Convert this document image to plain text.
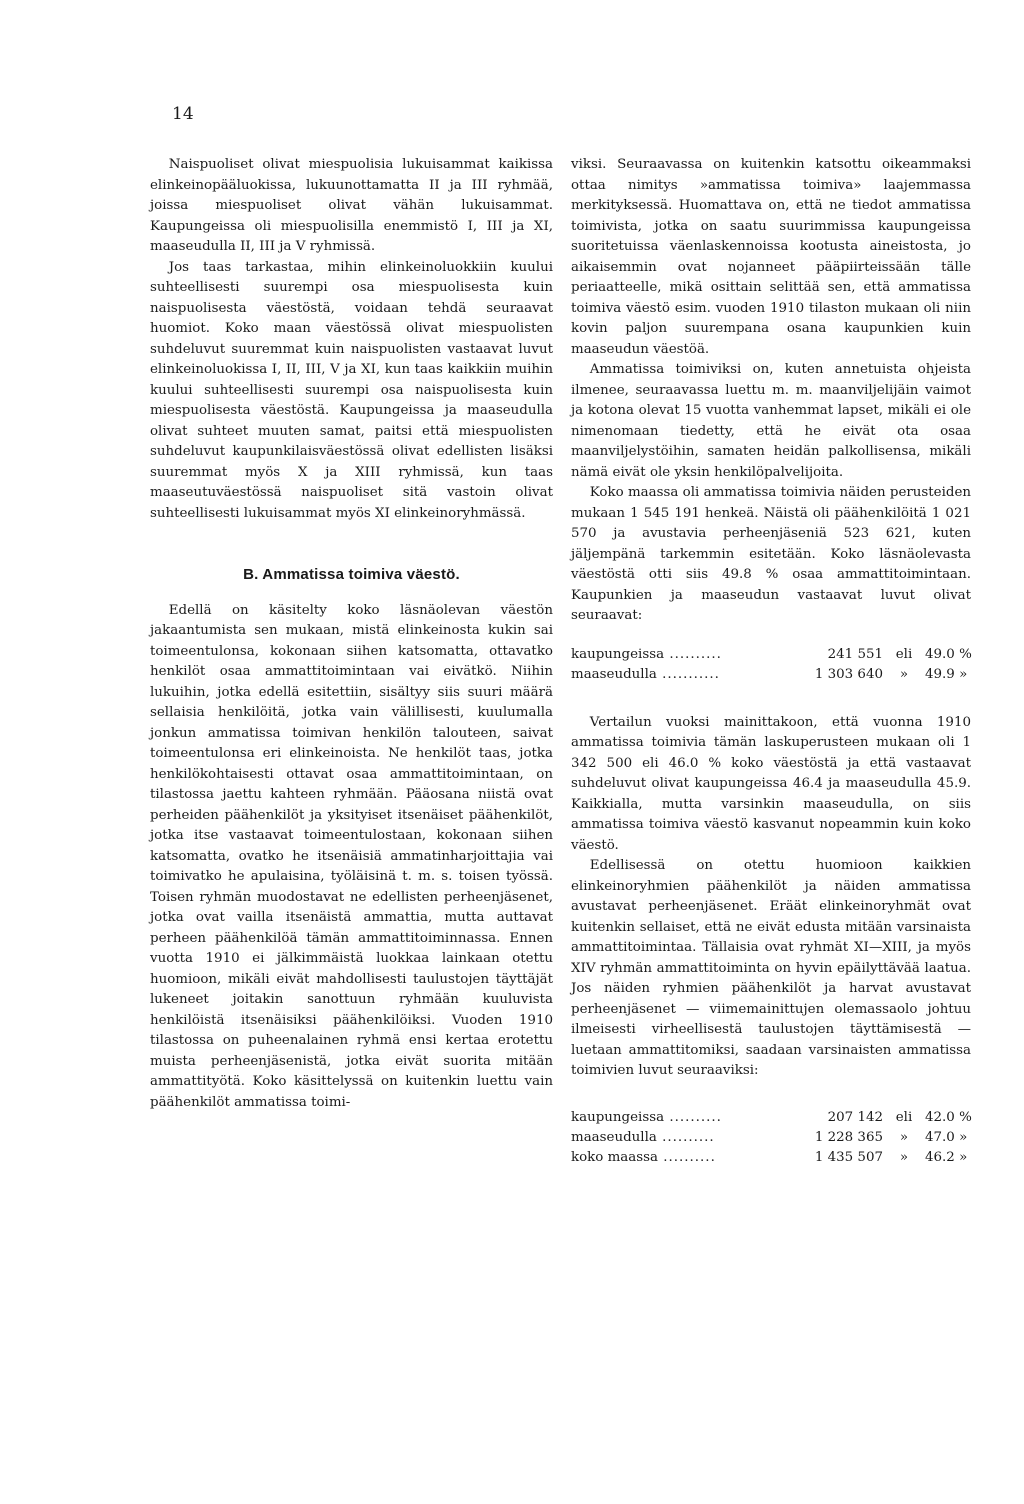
14

Naispuoliset olivat miespuolisia lukuisammat kaikissa elinkeinopääluokissa, lukuunottamatta II ja III ryhmää, joissa miespuoliset olivat vähän lukuisammat. Kaupungeissa oli miespuolisilla enemmistö I, III ja XI, maaseudulla II, III ja V ryhmissä.

Jos taas tarkastaa, mihin elinkeinoluokkiin kuului suhteellisesti suurempi osa miespuolisesta kuin naispuolisesta väestöstä, voidaan tehdä seuraavat huomiot. Koko maan väestössä olivat miespuolisten suhdeluvut suuremmat kuin naispuolisten vastaavat luvut elinkeinoluokissa I, II, III, V ja XI, kun taas kaikkiin muihin kuului suhteellisesti suurempi osa naispuolisesta kuin miespuolisesta väestöstä. Kaupungeissa ja maaseudulla olivat suhteet muuten samat, paitsi että miespuolisten suhdeluvut kaupunkilaisväestössä olivat edellisten lisäksi suuremmat myös X ja XIII ryhmissä, kun taas maaseutuväestössä naispuoliset sitä vastoin olivat suhteellisesti lukuisammat myös XI elinkeinoryhmässä.

B. Ammatissa toimiva väestö.

Edellä on käsitelty koko läsnäolevan väestön jakaantumista sen mukaan, mistä elinkeinosta kukin sai toimeentulonsa, kokonaan siihen katsomatta, ottavatko henkilöt osaa ammattitoimintaan vai eivätkö. Niihin lukuihin, jotka edellä esitettiin, sisältyy siis suuri määrä sellaisia henkilöitä, jotka vain välillisesti, kuulumalla jonkun ammatissa toimivan henkilön talouteen, saivat toimeentulonsa eri elinkeinoista. Ne henkilöt taas, jotka henkilökohtaisesti ottavat osaa ammattitoimintaan, on tilastossa jaettu kahteen ryhmään. Pääosana niistä ovat perheiden päähenkilöt ja yksityiset itsenäiset päähenkilöt, jotka itse vastaavat toimeentulostaan, kokonaan siihen katsomatta, ovatko he itsenäisiä ammatinharjoittajia vai toimivatko he apulaisina, työläisinä t. m. s. toisen työssä. Toisen ryhmän muodostavat ne edellisten perheenjäsenet, jotka ovat vailla itsenäistä ammattia, mutta auttavat perheen päähenkilöä tämän ammattitoiminnassa. Ennen vuotta 1910 ei jälkimmäistä luokkaa lainkaan otettu huomioon, mikäli eivät mahdollisesti taulustojen täyttäjät lukeneet joitakin sanottuun ryhmään kuuluvista henkilöistä itsenäisiksi päähenkilöiksi. Vuoden 1910 tilastossa on puheenalainen ryhmä ensi kertaa erotettu muista perheenjäsenistä, jotka eivät suorita mitään ammattityötä. Koko käsittelyssä on kuitenkin luettu vain päähenkilöt ammatissa toimi-

viksi. Seuraavassa on kuitenkin katsottu oikeammaksi ottaa nimitys »ammatissa toimiva» laajemmassa merkityksessä. Huomattava on, että ne tiedot ammatissa toimivista, jotka on saatu suurimmissa kaupungeissa suoritetuissa väenlaskennoissa kootusta aineistosta, jo aikaisemmin ovat nojanneet pääpiirteissään tälle periaatteelle, mikä osittain selittää sen, että ammatissa toimiva väestö esim. vuoden 1910 tilaston mukaan oli niin kovin paljon suurempana osana kaupunkien kuin maaseudun väestöä.

Ammatissa toimiviksi on, kuten annetuista ohjeista ilmenee, seuraavassa luettu m. m. maanviljelijäin vaimot ja kotona olevat 15 vuotta vanhemmat lapset, mikäli ei ole nimenomaan tiedetty, että he eivät ota osaa maanviljelystöihin, samaten heidän palkollisensa, mikäli nämä eivät ole yksin henkilöpalvelijoita.

Koko maassa oli ammatissa toimivia näiden perusteiden mukaan 1 545 191 henkeä. Näistä oli päähenkilöitä 1 021 570 ja avustavia perheenjäseniä 523 621, kuten jäljempänä tarkemmin esitetään. Koko läsnäolevasta väestöstä otti siis 49.8 % osaa ammattitoimintaan. Kaupunkien ja maaseudun vastaavat luvut olivat seuraavat:

kaupungeissa ..........	241 551 eli 49.0 %
maaseudulla ...........	1 303 640	»	49.9 »

Vertailun vuoksi mainittakoon, että vuonna 1910 ammatissa toimivia tämän laskuperusteen mukaan oli 1 342 500 eli 46.0 % koko väestöstä ja että vastaavat suhdeluvut olivat kaupungeissa 46.4 ja maaseudulla 45.9. Kaikkialla, mutta varsinkin maaseudulla, on siis ammatissa toimiva väestö kasvanut nopeammin kuin koko väestö.

Edellisessä on otettu huomioon kaikkien elinkeinoryhmien päähenkilöt ja näiden ammatissa avustavat perheenjäsenet. Eräät elinkeinoryhmät ovat kuitenkin sellaiset, että ne eivät edusta mitään varsinaista ammattitoimintaa. Tällaisia ovat ryhmät XI—XIII, ja myös XIV ryhmän ammattitoiminta on hyvin epäilyttävää laatua. Jos näiden ryhmien päähenkilöt ja harvat avustavat perheenjäsenet — viimemainittujen olemassaolo johtuu ilmeisesti virheellisestä taulustojen täyttämisestä — luetaan ammattitomiksi, saadaan varsinaisten ammatissa toimivien luvut seuraaviksi:

kaupungeissa ..........	207 142 eli 42.0 %
maaseudulla ..........	1 228 365	»	47.0 »
koko maassa ..........	1 435 507	»	46.2 »
